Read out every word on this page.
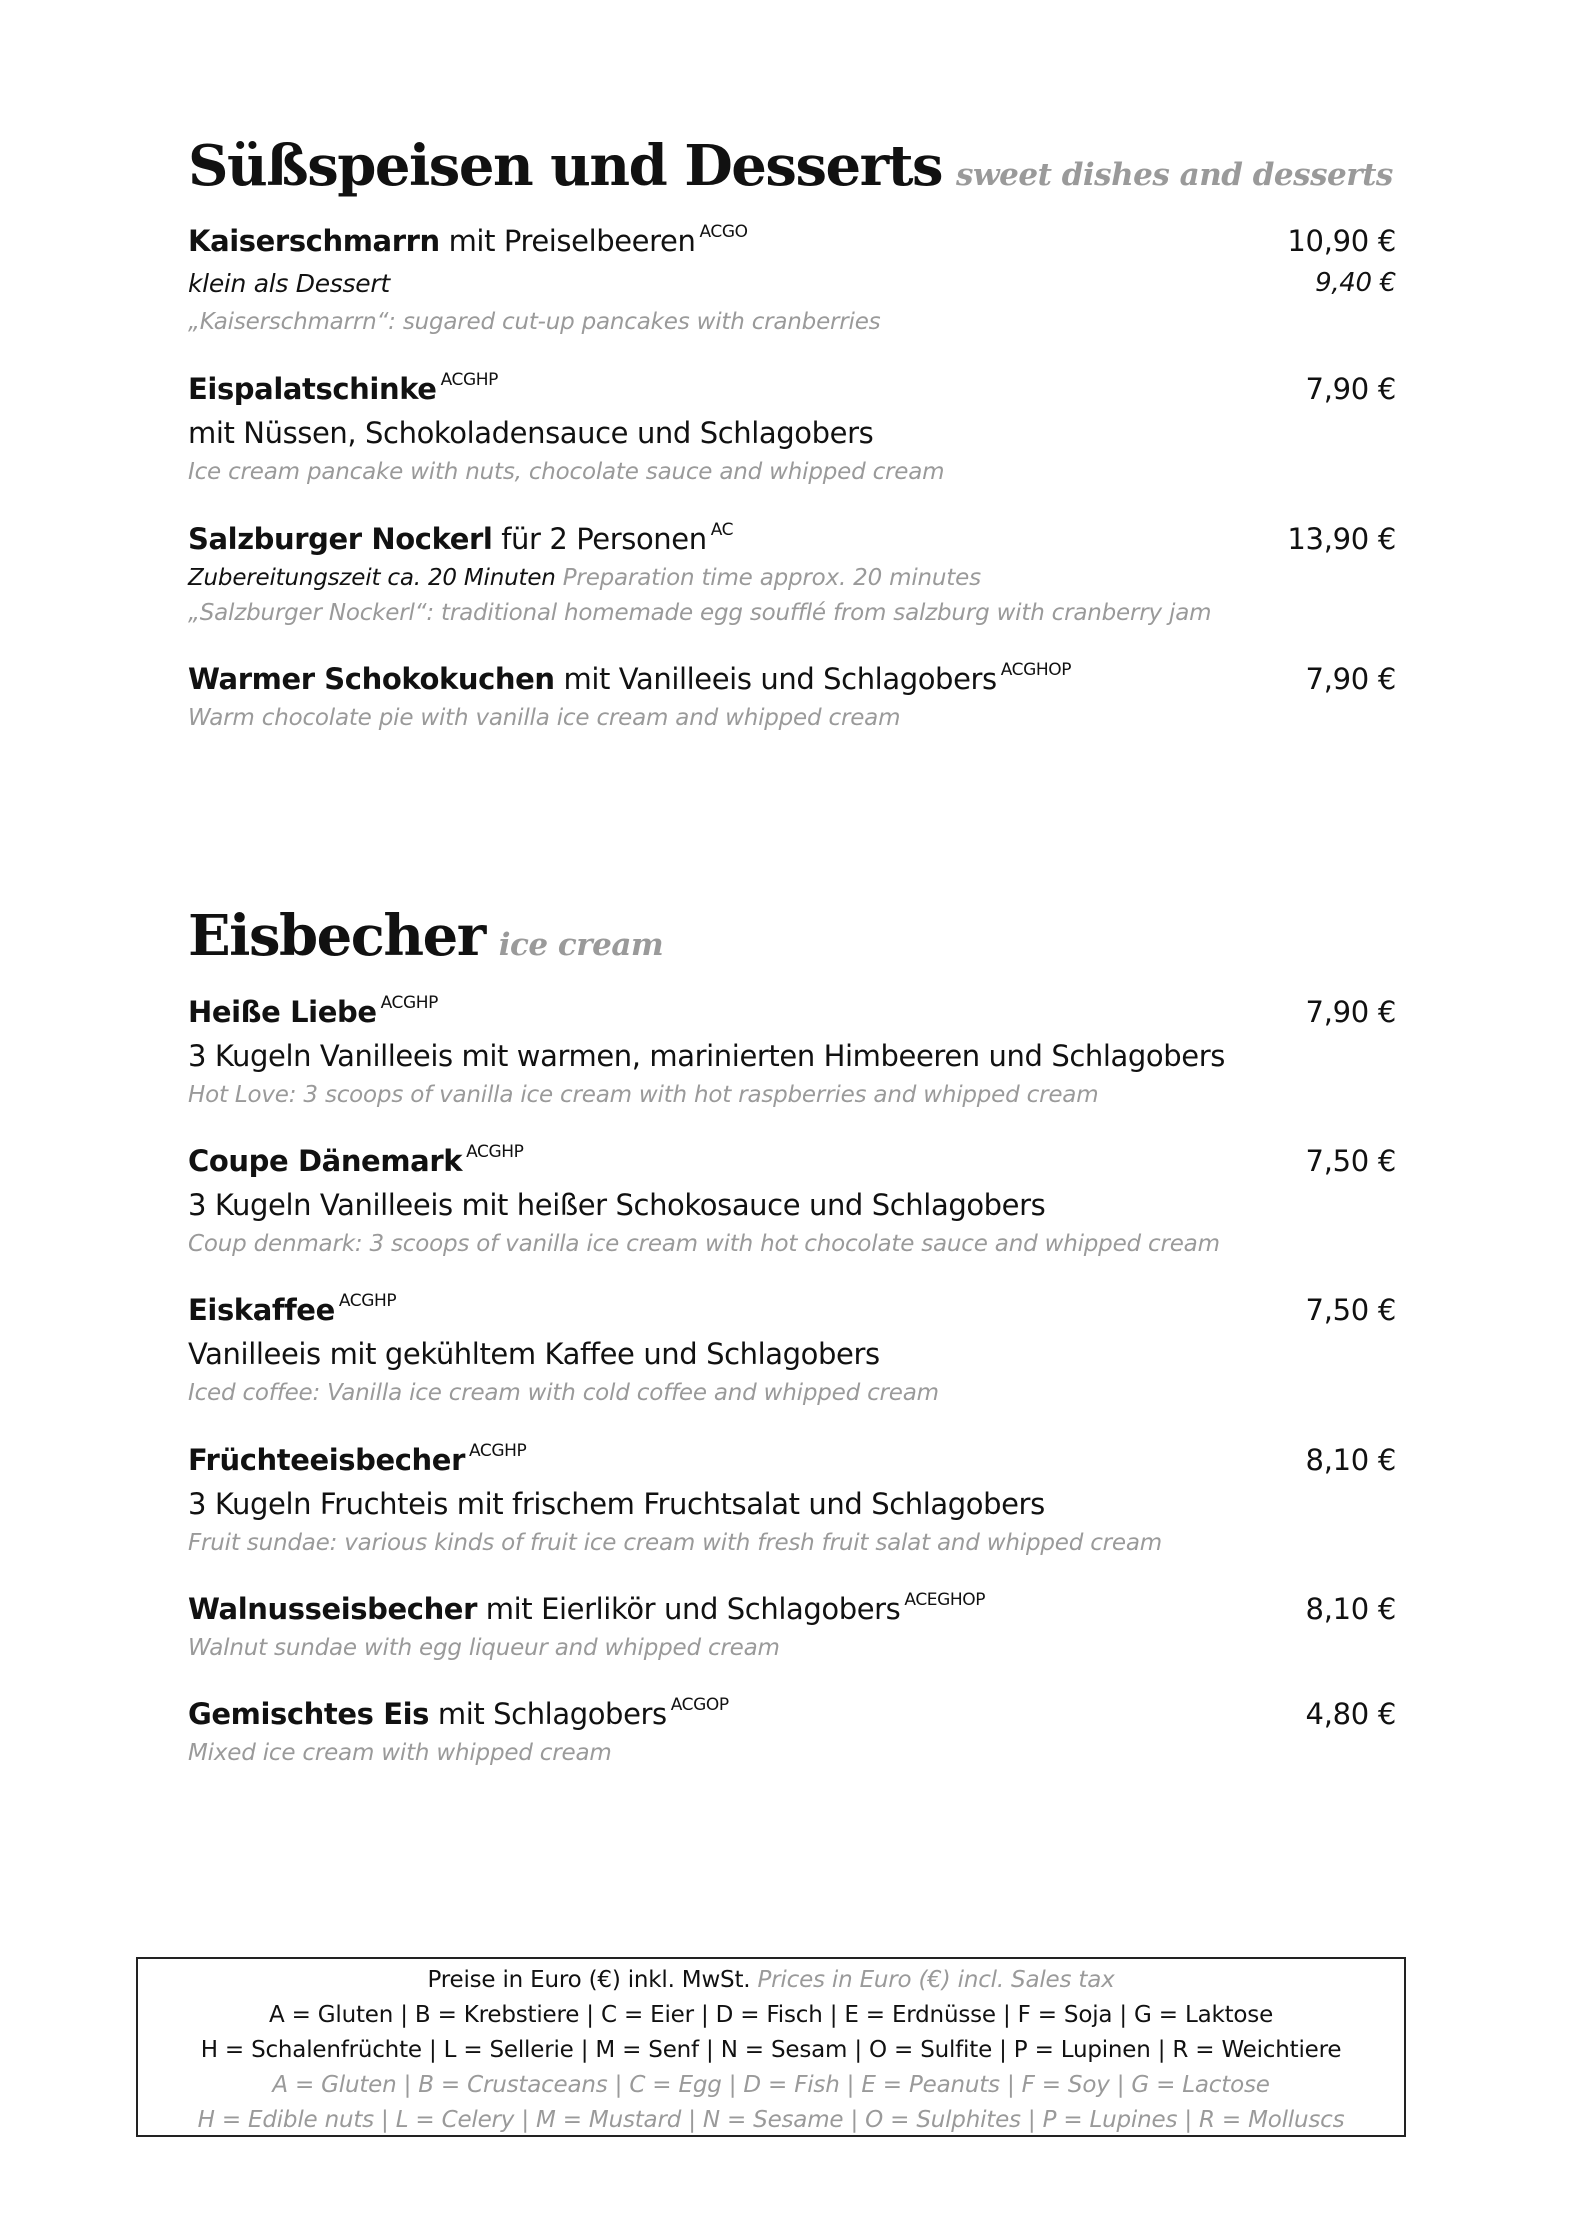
Süßspeisen und Desserts sweet dishes and desserts
Kaiserschmarrn mit Preiselbeeren $^{ACGO}$	10,90 €
klein als Dessert	9,40 €
„Kaiserschmarrn“: sugared cut-up pancakes with cranberries
Eispalatschinke $^{ACGHP}$	7,90 €
mit Nüssen, Schokoladensauce und Schlagobers
Ice cream pancake with nuts, chocolate sauce and whipped cream
Salzburger Nockerl für 2 Personen $^{AC}$	13,90 €
Zubereitungszeit ca. 20 Minuten Preparation time approx. 20 minutes
„Salzburger Nockerl“: traditional homemade egg soufflé from salzburg with cranberry jam
Warmer Schokokuchen mit Vanilleeis und Schlagobers $^{ACGHOP}$	7,90 €
Warm chocolate pie with vanilla ice cream and whipped cream
Eisbecher ice cream
Heiße Liebe $^{ACGHP}$	7,90 €
3 Kugeln Vanilleeis mit warmen, marinierten Himbeeren und Schlagobers
Hot Love: 3 scoops of vanilla ice cream with hot raspberries and whipped cream
Coupe Dänemark $^{ACGHP}$	7,50 €
3 Kugeln Vanilleeis mit heißer Schokosauce und Schlagobers
Coup denmark: 3 scoops of vanilla ice cream with hot chocolate sauce and whipped cream
Eiskaffee $^{ACGHP}$	7,50 €
Vanilleeis mit gekühltem Kaffee und Schlagobers
Iced coffee: Vanilla ice cream with cold coffee and whipped cream
Früchteeisbecher $^{ACGHP}$	8,10 €
3 Kugeln Fruchteis mit frischem Fruchtsalat und Schlagobers
Fruit sundae: various kinds of fruit ice cream with fresh fruit salat and whipped cream
Walnusseisbecher mit Eierlikör und Schlagobers $^{ACEGHOP}$	8,10 €
Walnut sundae with egg liqueur and whipped cream
Gemischtes Eis mit Schlagobers $^{ACGOP}$	4,80 €
Mixed ice cream with whipped cream
Preise in Euro (€) inkl. MwSt. Prices in Euro (€) incl. Sales tax
A = Gluten | B = Krebstiere | C = Eier | D = Fisch | E = Erdnüsse | F = Soja | G = Laktose
H = Schalenfrüchte | L = Sellerie | M = Senf | N = Sesam | O = Sulfite | P = Lupinen | R = Weichtiere
A = Gluten | B = Crustaceans | C = Egg | D = Fish | E = Peanuts | F = Soy | G = Lactose
H = Edible nuts | L = Celery | M = Mustard | N = Sesame | O = Sulphites | P = Lupines | R = Molluscs
